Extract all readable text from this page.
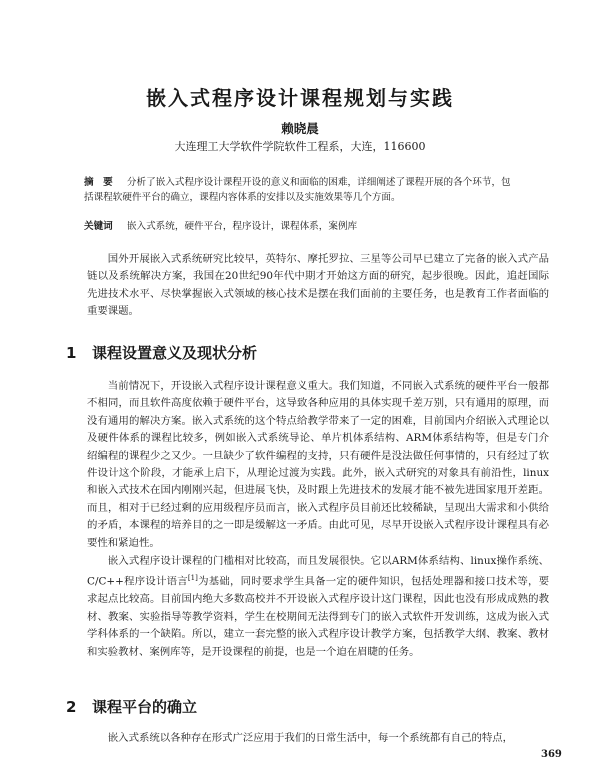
嵌入式程序设计课程规划与实践
赖晓晨
大连理工大学软件学院软件工程系，大连，116600
摘　要 分析了嵌入式程序设计课程开设的意义和面临的困难，详细阐述了课程开展的各个环节，包括课程软硬件平台的确立，课程内容体系的安排以及实施效果等几个方面。
关键词 嵌入式系统，硬件平台，程序设计，课程体系，案例库
国外开展嵌入式系统研究比较早，英特尔、摩托罗拉、三星等公司早已建立了完备的嵌入式产品链以及系统解决方案，我国在20世纪90年代中期才开始这方面的研究，起步很晚。因此，追赶国际先进技术水平、尽快掌握嵌入式领域的核心技术是摆在我们面前的主要任务，也是教育工作者面临的重要课题。
1 课程设置意义及现状分析
当前情况下，开设嵌入式程序设计课程意义重大。我们知道，不同嵌入式系统的硬件平台一般都不相同，而且软件高度依赖于硬件平台，这导致各种应用的具体实现千差万别，只有通用的原理，而没有通用的解决方案。嵌入式系统的这个特点给教学带来了一定的困难，目前国内介绍嵌入式理论以及硬件体系的课程比较多，例如嵌入式系统导论、单片机体系结构、ARM体系结构等，但是专门介绍编程的课程少之又少。一旦缺少了软件编程的支持，只有硬件是没法做任何事情的，只有经过了软件设计这个阶段，才能承上启下，从理论过渡为实践。此外，嵌入式研究的对象具有前沿性，linux和嵌入式技术在国内刚刚兴起，但进展飞快，及时跟上先进技术的发展才能不被先进国家甩开差距。而且，相对于已经过剩的应用级程序员而言，嵌入式程序员目前还比较稀缺，呈现出大需求和小供给的矛盾，本课程的培养目的之一即是缓解这一矛盾。由此可见，尽早开设嵌入式程序设计课程具有必要性和紧迫性。
嵌入式程序设计课程的门槛相对比较高，而且发展很快。它以ARM体系结构、linux操作系统、C/C++程序设计语言[1]为基础，同时要求学生具备一定的硬件知识，包括处理器和接口技术等，要求起点比较高。目前国内绝大多数高校并不开设嵌入式程序设计这门课程，因此也没有形成成熟的教材、教案、实验指导等教学资料，学生在校期间无法得到专门的嵌入式软件开发训练，这成为嵌入式学科体系的一个缺陷。所以，建立一套完整的嵌入式程序设计教学方案，包括教学大纲、教案、教材和实验教材、案例库等，是开设课程的前提，也是一个迫在眉睫的任务。
2 课程平台的确立
嵌入式系统以各种存在形式广泛应用于我们的日常生活中，每一个系统都有自己的特点，
369
